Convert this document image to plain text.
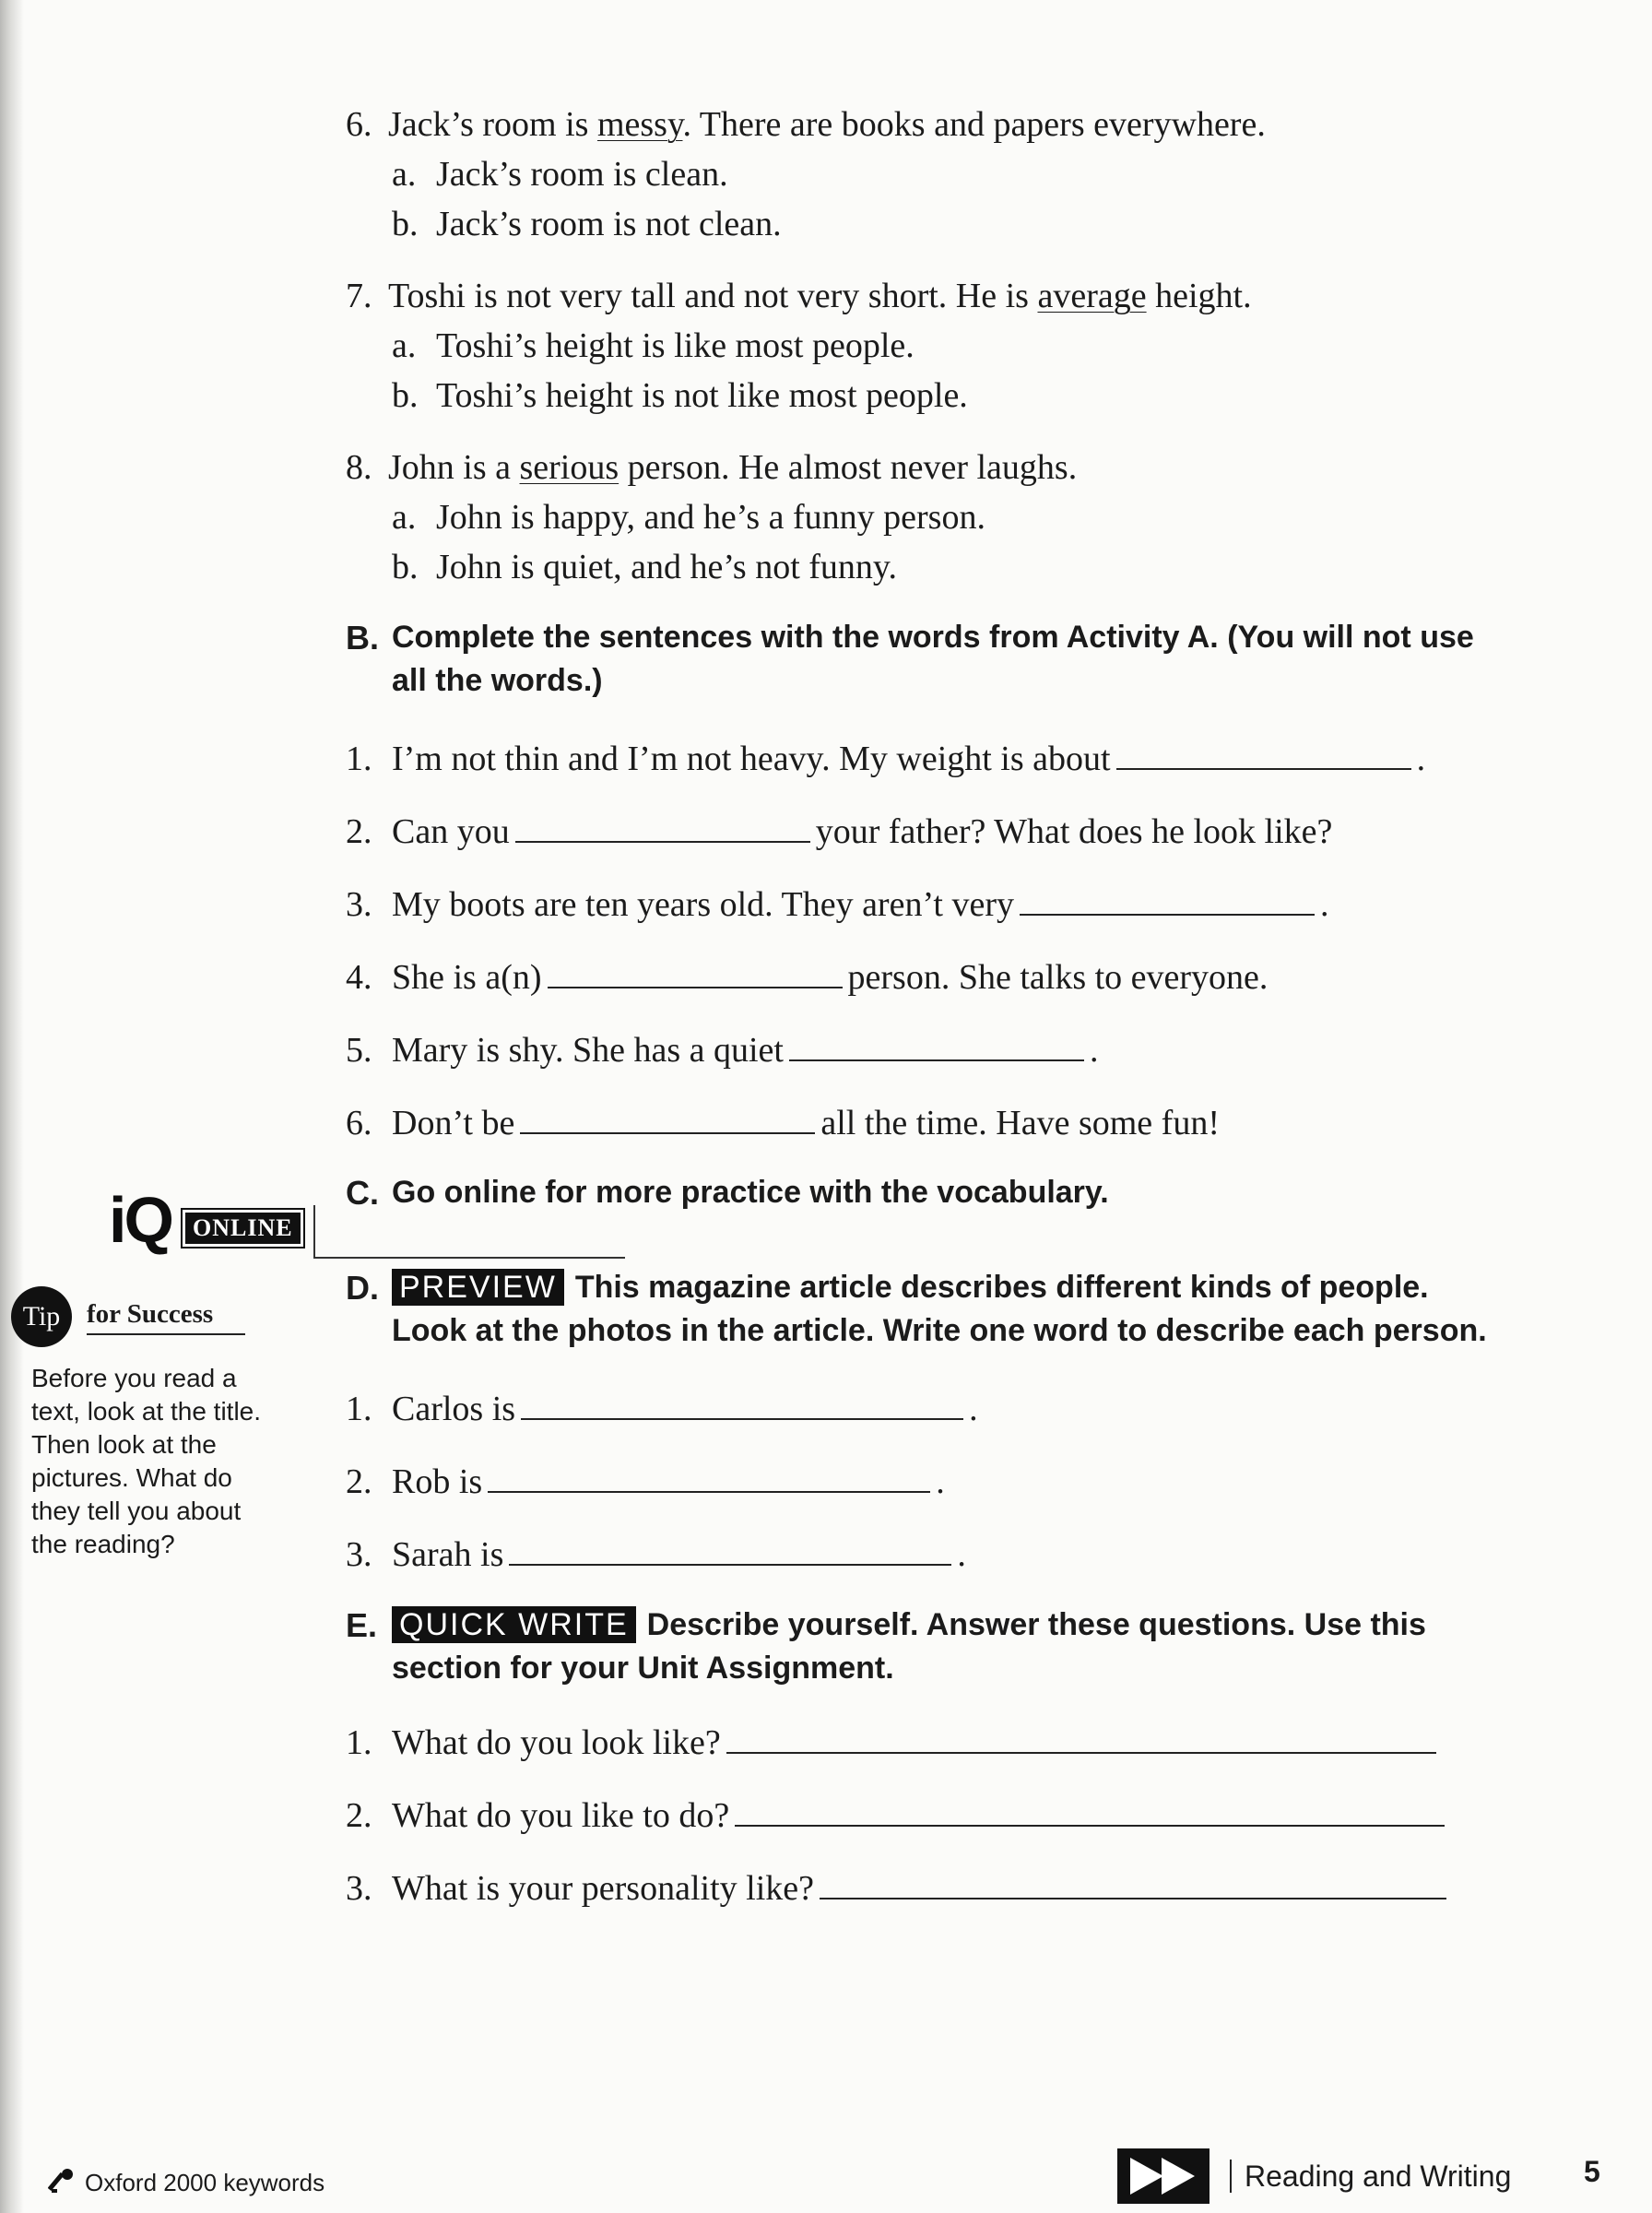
6. Jack’s room is messy. There are books and papers everywhere.
a. Jack’s room is clean.
b. Jack’s room is not clean.
7. Toshi is not very tall and not very short. He is average height.
a. Toshi’s height is like most people.
b. Toshi’s height is not like most people.
8. John is a serious person. He almost never laughs.
a. John is happy, and he’s a funny person.
b. John is quiet, and he’s not funny.
B. Complete the sentences with the words from Activity A. (You will not use all the words.)
1. I’m not thin and I’m not heavy. My weight is about	.
2. Can you	your father? What does he look like?
3. My boots are ten years old. They aren’t very	.
4. She is a(n)	person. She talks to everyone.
5. Mary is shy. She has a quiet	.
6. Don’t be	all the time. Have some fun!
C. Go online for more practice with the vocabulary.
D. PREVIEW This magazine article describes different kinds of people. Look at the photos in the article. Write one word to describe each person.
1. Carlos is	.
2. Rob is	.
3. Sarah is	.
E. QUICK WRITE Describe yourself. Answer these questions. Use this section for your Unit Assignment.
1. What do you look like?
2. What do you like to do?
3. What is your personality like?
iQ ONLINE
Tip for Success
Before you read a text, look at the title. Then look at the pictures. What do they tell you about the reading?
Oxford 2000 keywords	Reading and Writing 5
